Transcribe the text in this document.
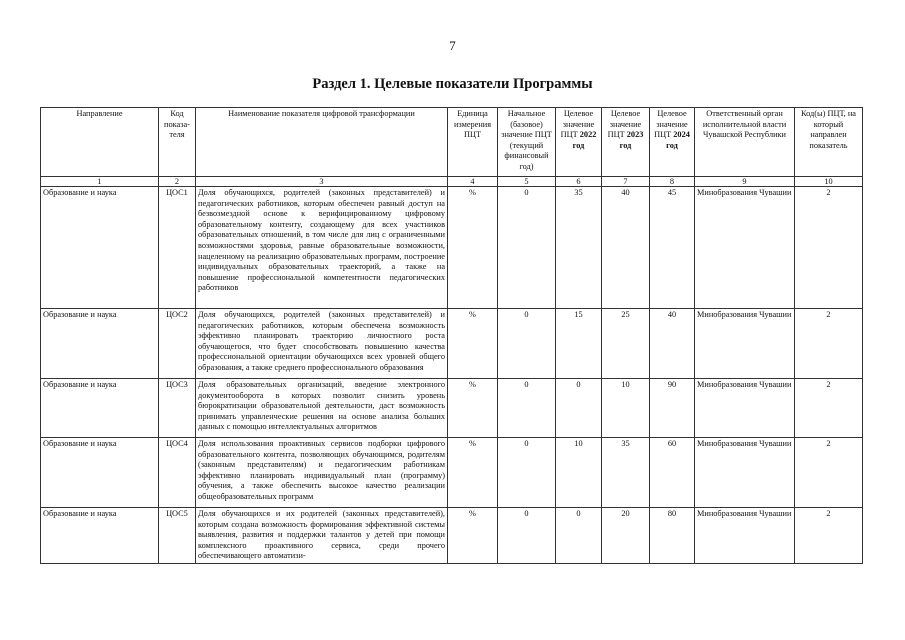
7
Раздел 1. Целевые показатели Программы
Направление	Код показателя	Наименование показателя цифровой трансформации	Единица измерения ПЦТ	Начальное (базовое) значение ПЦТ (текущий финансовый год)	Целевое значение ПЦТ 2022 год	Целевое значение ПЦТ 2023 год	Целевое значение ПЦТ 2024 год	Ответственный орган исполнительной власти Чувашской Республики	Код(ы) ПЦТ, на который направлен показатель
1	2	3	4	5	6	7	8	9	10
Образование и наука	ЦОС1	Доля обучающихся, родителей (законных представителей) и педагогических работников, которым обеспечен равный доступ на безвозмездной основе к верифицированному цифровому образовательному контенту, создающему для всех участников образовательных отношений, в том числе для лиц с ограниченными возможностями здоровья, равные образовательные возможности, нацеленному на реализацию образовательных программ, построение индивидуальных образовательных траекторий, а также на повышение профессиональной компетентности педагогических работников	%	0	35	40	45	Минобразования Чувашии	2
Образование и наука	ЦОС2	Доля обучающихся, родителей (законных представителей) и педагогических работников, которым обеспечена возможность эффективно планировать траекторию личностного роста обучающегося, что будет способствовать повышению качества профессиональной ориентации обучающихся всех уровней общего образования, а также среднего профессионального образования	%	0	15	25	40	Минобразования Чувашии	2
Образование и наука	ЦОС3	Доля образовательных организаций, введение электронного документооборота в которых позволит снизить уровень бюрократизации образовательной деятельности, даст возможность принимать управленческие решения на основе анализа больших данных с помощью интеллектуальных алгоритмов	%	0	0	10	90	Минобразования Чувашии	2
Образование и наука	ЦОС4	Доля использования проактивных сервисов подборки цифрового образовательного контента, позволяющих обучающимся, родителям (законным представителям) и педагогическим работникам эффективно планировать индивидуальный план (программу) обучения, а также обеспечить высокое качество реализации общеобразовательных программ	%	0	10	35	60	Минобразования Чувашии	2
Образование и наука	ЦОС5	Доля обучающихся и их родителей (законных представителей), которым создана возможность формирования эффективной системы выявления, развития и поддержки талантов у детей при помощи комплексного проактивного сервиса, среди прочего обеспечивающего автоматизи-	%	0	0	20	80	Минобразования Чувашии	2
